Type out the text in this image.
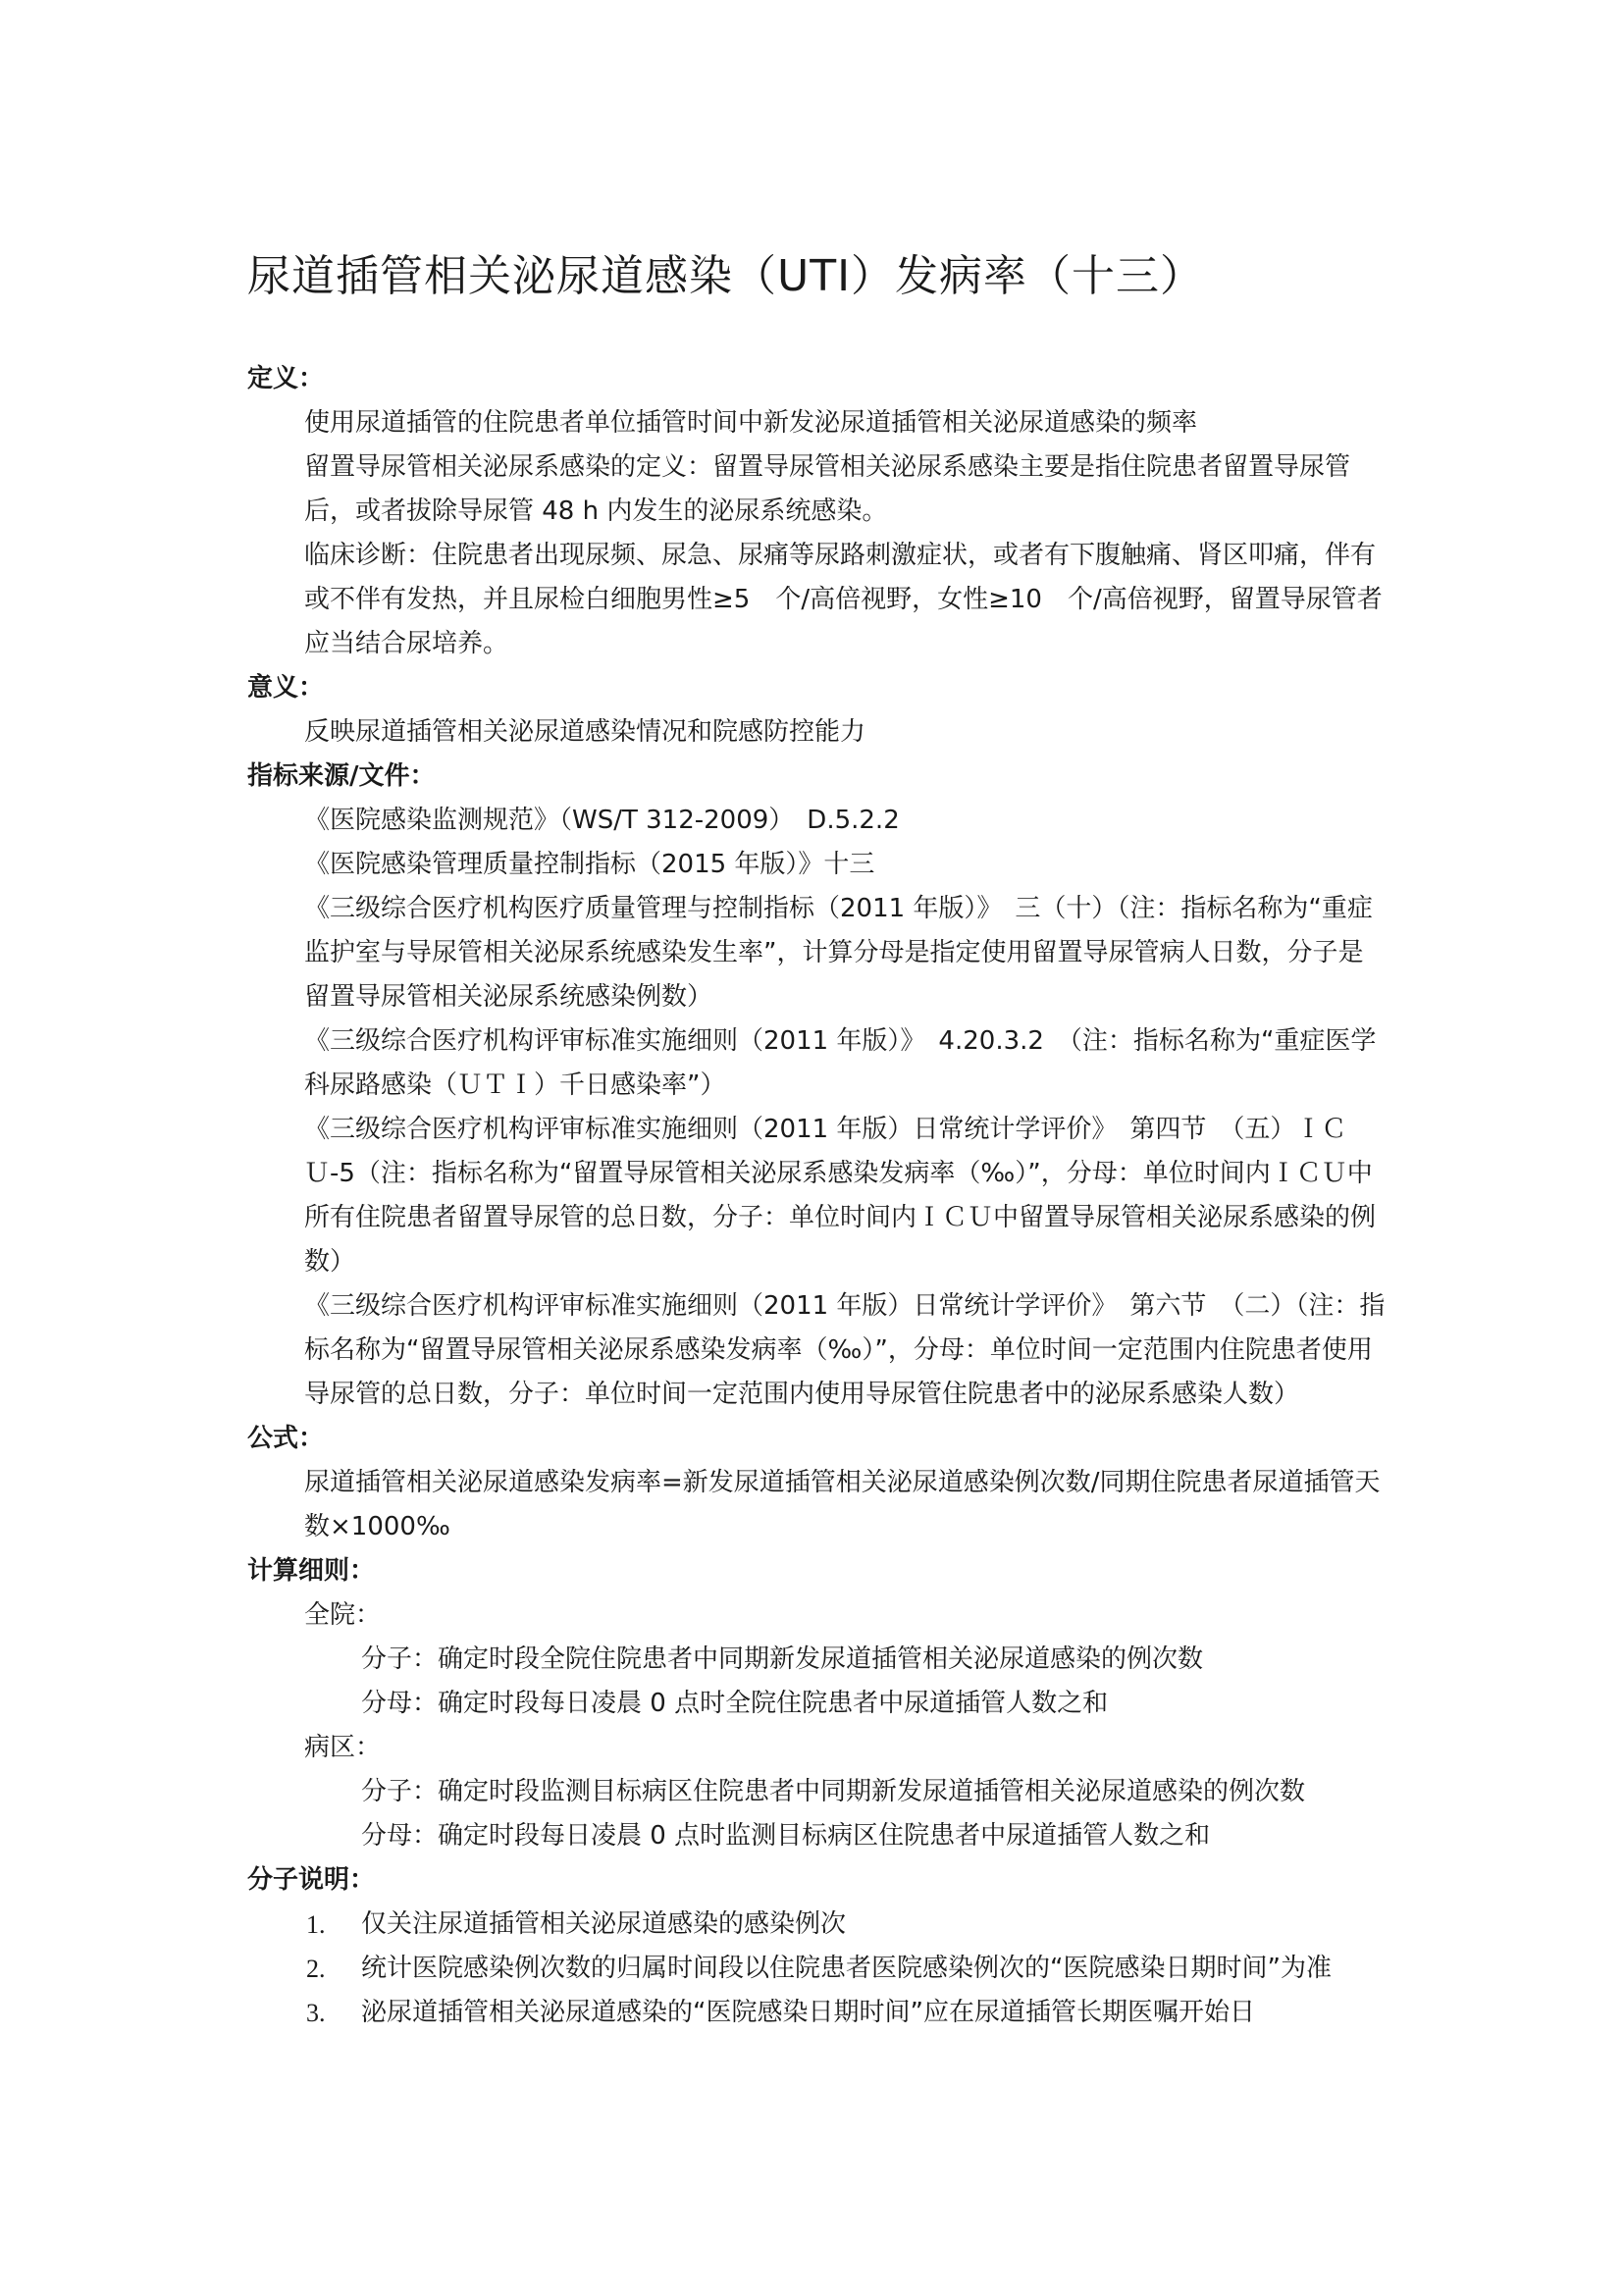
尿道插管相关泌尿道感染（UTI）发病率（十三）

定义：

使用尿道插管的住院患者单位插管时间中新发泌尿道插管相关泌尿道感染的频率

留置导尿管相关泌尿系感染的定义：留置导尿管相关泌尿系感染主要是指住院患者留置导尿管后，或者拔除导尿管 48 h 内发生的泌尿系统感染。

临床诊断：住院患者出现尿频、尿急、尿痛等尿路刺激症状，或者有下腹触痛、肾区叩痛，伴有或不伴有发热，并且尿检白细胞男性≥5　个/高倍视野，女性≥10　个/高倍视野，留置导尿管者应当结合尿培养。

意义：

反映尿道插管相关泌尿道感染情况和院感防控能力

指标来源/文件：

《医院感染监测规范》（WS/T 312-2009）　D.5.2.2

《医院感染管理质量控制指标（2015 年版）》十三

《三级综合医疗机构医疗质量管理与控制指标（2011 年版）》　三（十）（注：指标名称为“重症监护室与导尿管相关泌尿系统感染发生率”，计算分母是指定使用留置导尿管病人日数，分子是留置导尿管相关泌尿系统感染例数）

《三级综合医疗机构评审标准实施细则（2011 年版）》　4.20.3.2　（注：指标名称为“重症医学科尿路感染（ＵＴＩ）千日感染率”）

《三级综合医疗机构评审标准实施细则（2011 年版）日常统计学评价》　第四节　（五）ＩＣＵ-5（注：指标名称为“留置导尿管相关泌尿系感染发病率（‰）”，分母：单位时间内ＩＣＵ中所有住院患者留置导尿管的总日数，分子：单位时间内ＩＣＵ中留置导尿管相关泌尿系感染的例数）

《三级综合医疗机构评审标准实施细则（2011 年版）日常统计学评价》　第六节　（二）（注：指标名称为“留置导尿管相关泌尿系感染发病率（‰）”，分母：单位时间一定范围内住院患者使用导尿管的总日数，分子：单位时间一定范围内使用导尿管住院患者中的泌尿系感染人数）

公式：

尿道插管相关泌尿道感染发病率=新发尿道插管相关泌尿道感染例次数/同期住院患者尿道插管天数×1000‰

计算细则：

全院：

分子：确定时段全院住院患者中同期新发尿道插管相关泌尿道感染的例次数

分母：确定时段每日凌晨 0 点时全院住院患者中尿道插管人数之和

病区：

分子：确定时段监测目标病区住院患者中同期新发尿道插管相关泌尿道感染的例次数

分母：确定时段每日凌晨 0 点时监测目标病区住院患者中尿道插管人数之和

分子说明：

1. 仅关注尿道插管相关泌尿道感染的感染例次

2. 统计医院感染例次数的归属时间段以住院患者医院感染例次的“医院感染日期时间”为准

3. 泌尿道插管相关泌尿道感染的“医院感染日期时间”应在尿道插管长期医嘱开始日
